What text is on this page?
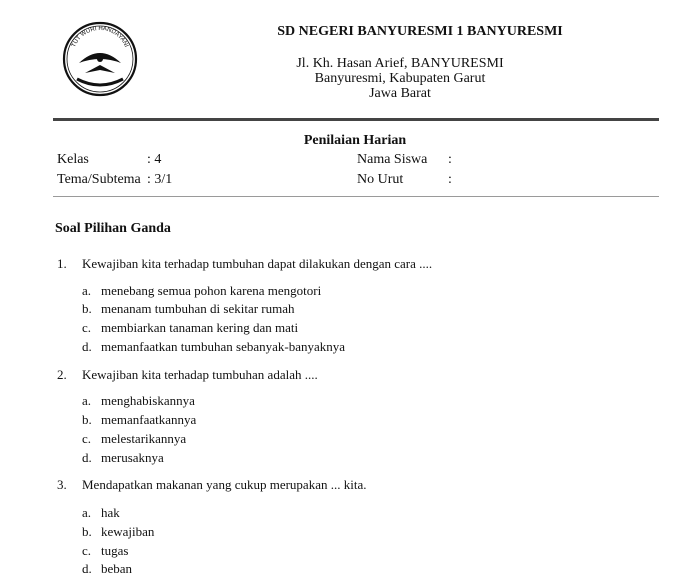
TUT WURI HANDAYANI
SD NEGERI BANYURESMI 1 BANYURESMI
Jl. Kh. Hasan Arief, BANYURESMI
Banyuresmi, Kabupaten Garut
Jawa Barat
Penilaian Harian
Kelas	: 4
Tema/Subtema : 3/1
Nama Siswa :
No Urut	:
Soal Pilihan Ganda
1. Kewajiban kita terhadap tumbuhan dapat dilakukan dengan cara ....
a. menebang semua pohon karena mengotori
b. menanam tumbuhan di sekitar rumah
c. membiarkan tanaman kering dan mati
d. memanfaatkan tumbuhan sebanyak-banyaknya
2. Kewajiban kita terhadap tumbuhan adalah ....
a. menghabiskannya
b. memanfaatkannya
c. melestarikannya
d. merusaknya
3. Mendapatkan makanan yang cukup merupakan ... kita.
a. hak
b. kewajiban
c. tugas
d. beban
